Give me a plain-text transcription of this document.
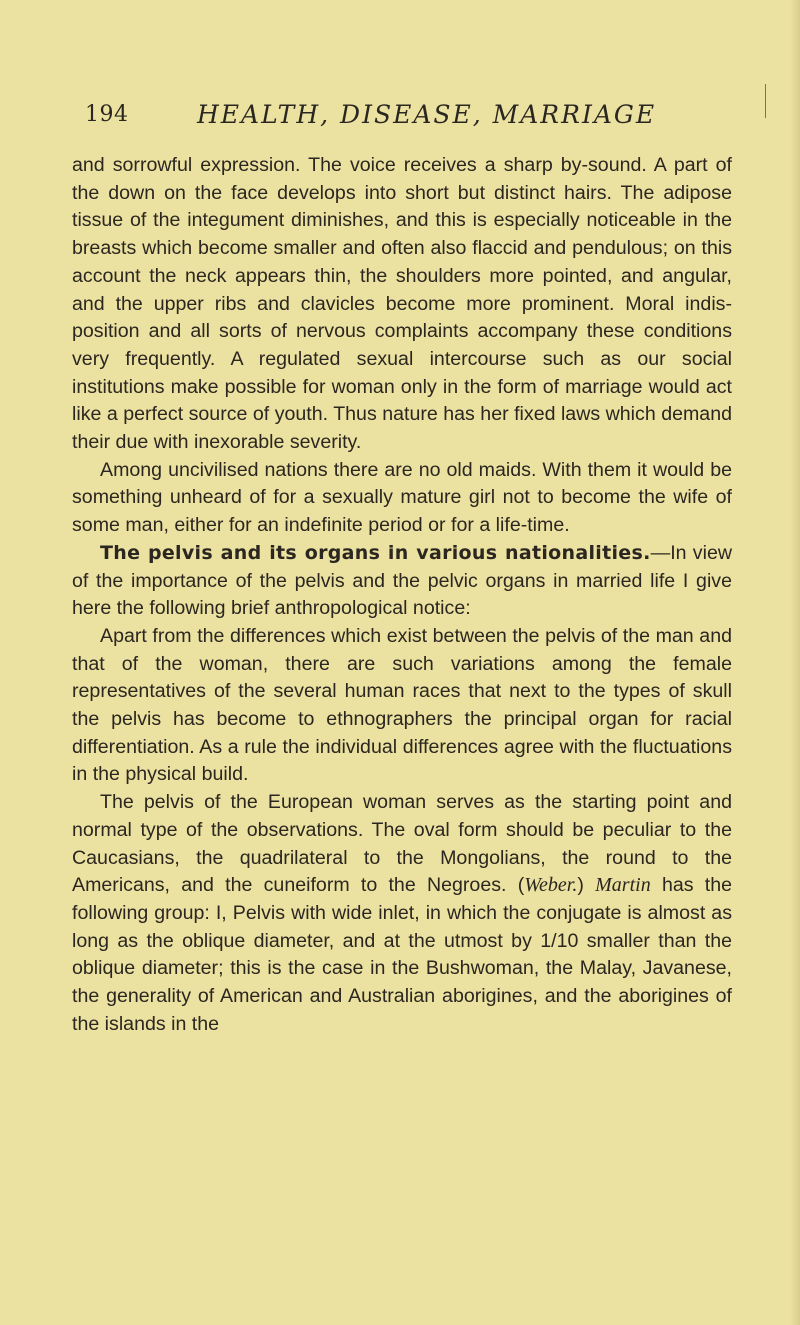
194	HEALTH, DISEASE, MARRIAGE

and sorrowful expression. The voice receives a sharp by-sound. A part of the down on the face develops into short but distinct hairs. The adipose tissue of the integument diminishes, and this is especially noticeable in the breasts which become smaller and often also flaccid and pendulous; on this account the neck appears thin, the shoulders more pointed, and angular, and the upper ribs and clavicles become more prominent. Moral indisposition and all sorts of nervous complaints accompany these conditions very frequently. A regulated sexual intercourse such as our social institutions make possible for woman only in the form of marriage would act like a perfect source of youth. Thus nature has her fixed laws which demand their due with inexorable severity.

Among uncivilised nations there are no old maids. With them it would be something unheard of for a sexually mature girl not to become the wife of some man, either for an indefinite period or for a life-time.

The pelvis and its organs in various nationalities.—In view of the importance of the pelvis and the pelvic organs in married life I give here the following brief anthropological notice:

Apart from the differences which exist between the pelvis of the man and that of the woman, there are such variations among the female representatives of the several human races that next to the types of skull the pelvis has become to ethnographers the principal organ for racial differentiation. As a rule the individual differences agree with the fluctuations in the physical build.

The pelvis of the European woman serves as the starting point and normal type of the observations. The oval form should be peculiar to the Caucasians, the quadrilateral to the Mongolians, the round to the Americans, and the cuneiform to the Negroes. (Weber.) Martin has the following group: I, Pelvis with wide inlet, in which the conjugate is almost as long as the oblique diameter, and at the utmost by 1/10 smaller than the oblique diameter; this is the case in the Bushwoman, the Malay, Javanese, the generality of American and Australian aborigines, and the aborigines of the islands in the
